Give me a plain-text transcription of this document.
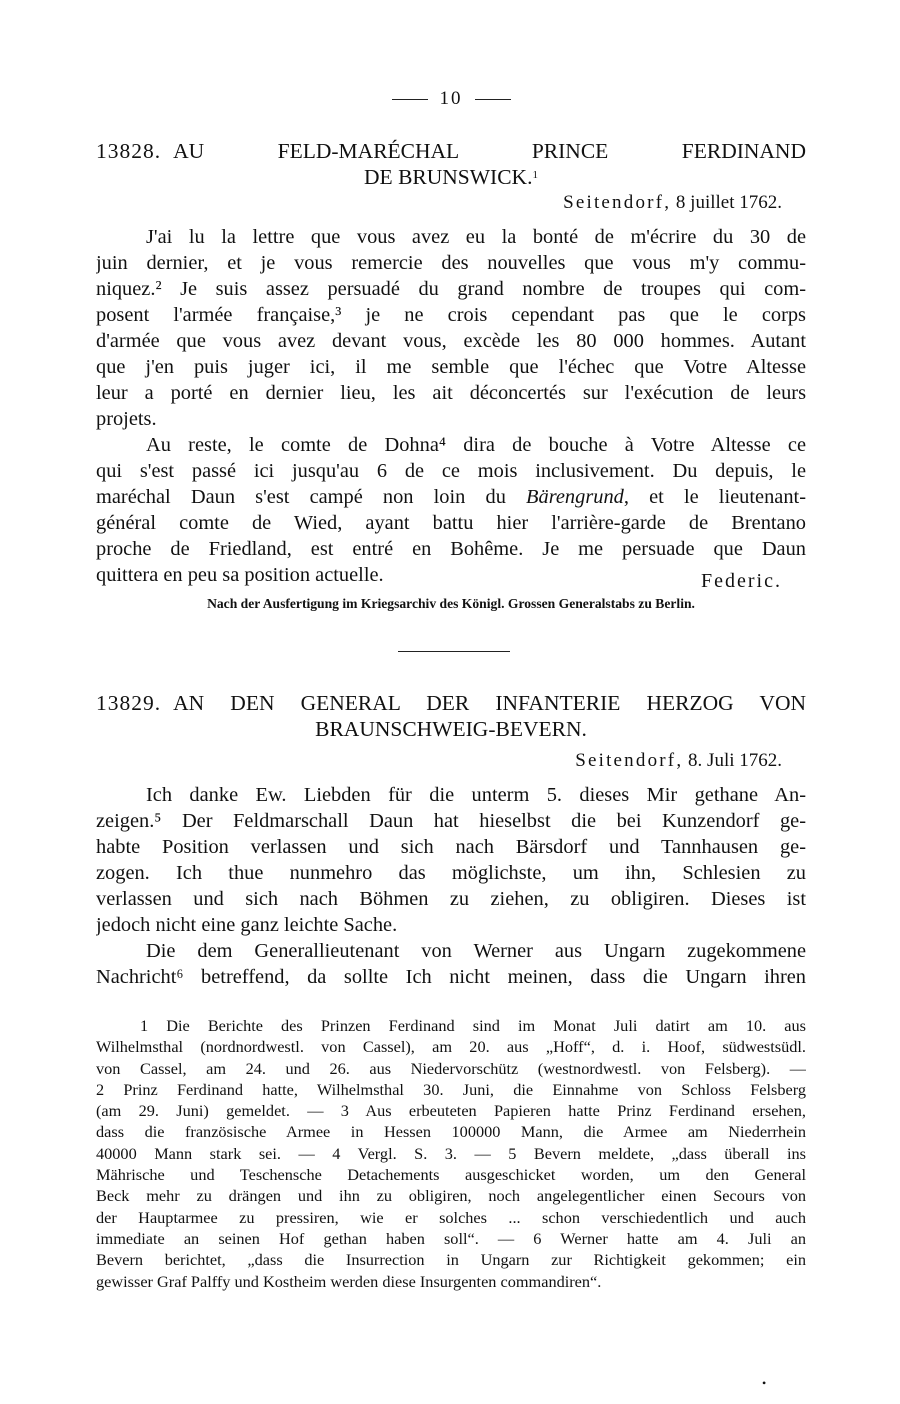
10
13828. AU FELD-MARÉCHAL PRINCE FERDINAND
DE BRUNSWICK.$^1$
Seitendorf, 8 juillet 1762.

J'ai lu la lettre que vous avez eu la bonté de m'écrire du 30 de
juin dernier, et je vous remercie des nouvelles que vous m'y commu-
niquez.² Je suis assez persuadé du grand nombre de troupes qui com-
posent l'armée française,³ je ne crois cependant pas que le corps
d'armée que vous avez devant vous, excède les 80 000 hommes. Autant
que j'en puis juger ici, il me semble que l'échec que Votre Altesse
leur a porté en dernier lieu, les ait déconcertés sur l'exécution de leurs
projets.

Au reste, le comte de Dohna⁴ dira de bouche à Votre Altesse ce
qui s'est passé ici jusqu'au 6 de ce mois inclusivement. Du depuis, le
maréchal Daun s'est campé non loin du Bärengrund, et le lieutenant-
général comte de Wied, ayant battu hier l'arrière-garde de Brentano
proche de Friedland, est entré en Bohême. Je me persuade que Daun
quittera en peu sa position actuelle.	Federic.
Nach der Ausfertigung im Kriegsarchiv des Königl. Grossen Generalstabs zu Berlin.
13829. AN DEN GENERAL DER INFANTERIE HERZOG VON
BRAUNSCHWEIG-BEVERN.
Seitendorf, 8. Juli 1762.

Ich danke Ew. Liebden für die unterm 5. dieses Mir gethane An-
zeigen.⁵ Der Feldmarschall Daun hat hieselbst die bei Kunzendorf ge-
habte Position verlassen und sich nach Bärsdorf und Tannhausen ge-
zogen. Ich thue nunmehro das möglichste, um ihn, Schlesien zu
verlassen und sich nach Böhmen zu ziehen, zu obligiren. Dieses ist
jedoch nicht eine ganz leichte Sache.

Die dem Generallieutenant von Werner aus Ungarn zugekommene
Nachricht⁶ betreffend, da sollte Ich nicht meinen, dass die Ungarn ihren

1 Die Berichte des Prinzen Ferdinand sind im Monat Juli datirt am 10. aus
Wilhelmsthal (nordnordwestl. von Cassel), am 20. aus „Hoff“, d. i. Hoof, südwestsüdl.
von Cassel, am 24. und 26. aus Niedervorschütz (westnordwestl. von Felsberg). —
2 Prinz Ferdinand hatte, Wilhelmsthal 30. Juni, die Einnahme von Schloss Felsberg
(am 29. Juni) gemeldet. — 3 Aus erbeuteten Papieren hatte Prinz Ferdinand ersehen,
dass die französische Armee in Hessen 100000 Mann, die Armee am Niederrhein
40000 Mann stark sei. — 4 Vergl. S. 3. — 5 Bevern meldete, „dass überall ins
Mährische und Teschensche Detachements ausgeschicket worden, um den General
Beck mehr zu drängen und ihn zu obligiren, noch angelegentlicher einen Secours von
der Hauptarmee zu pressiren, wie er solches ... schon verschiedentlich und auch
immediate an seinen Hof gethan haben soll“. — 6 Werner hatte am 4. Juli an
Bevern berichtet, „dass die Insurrection in Ungarn zur Richtigkeit gekommen; ein
gewisser Graf Palffy und Kostheim werden diese Insurgenten commandiren“.
•
